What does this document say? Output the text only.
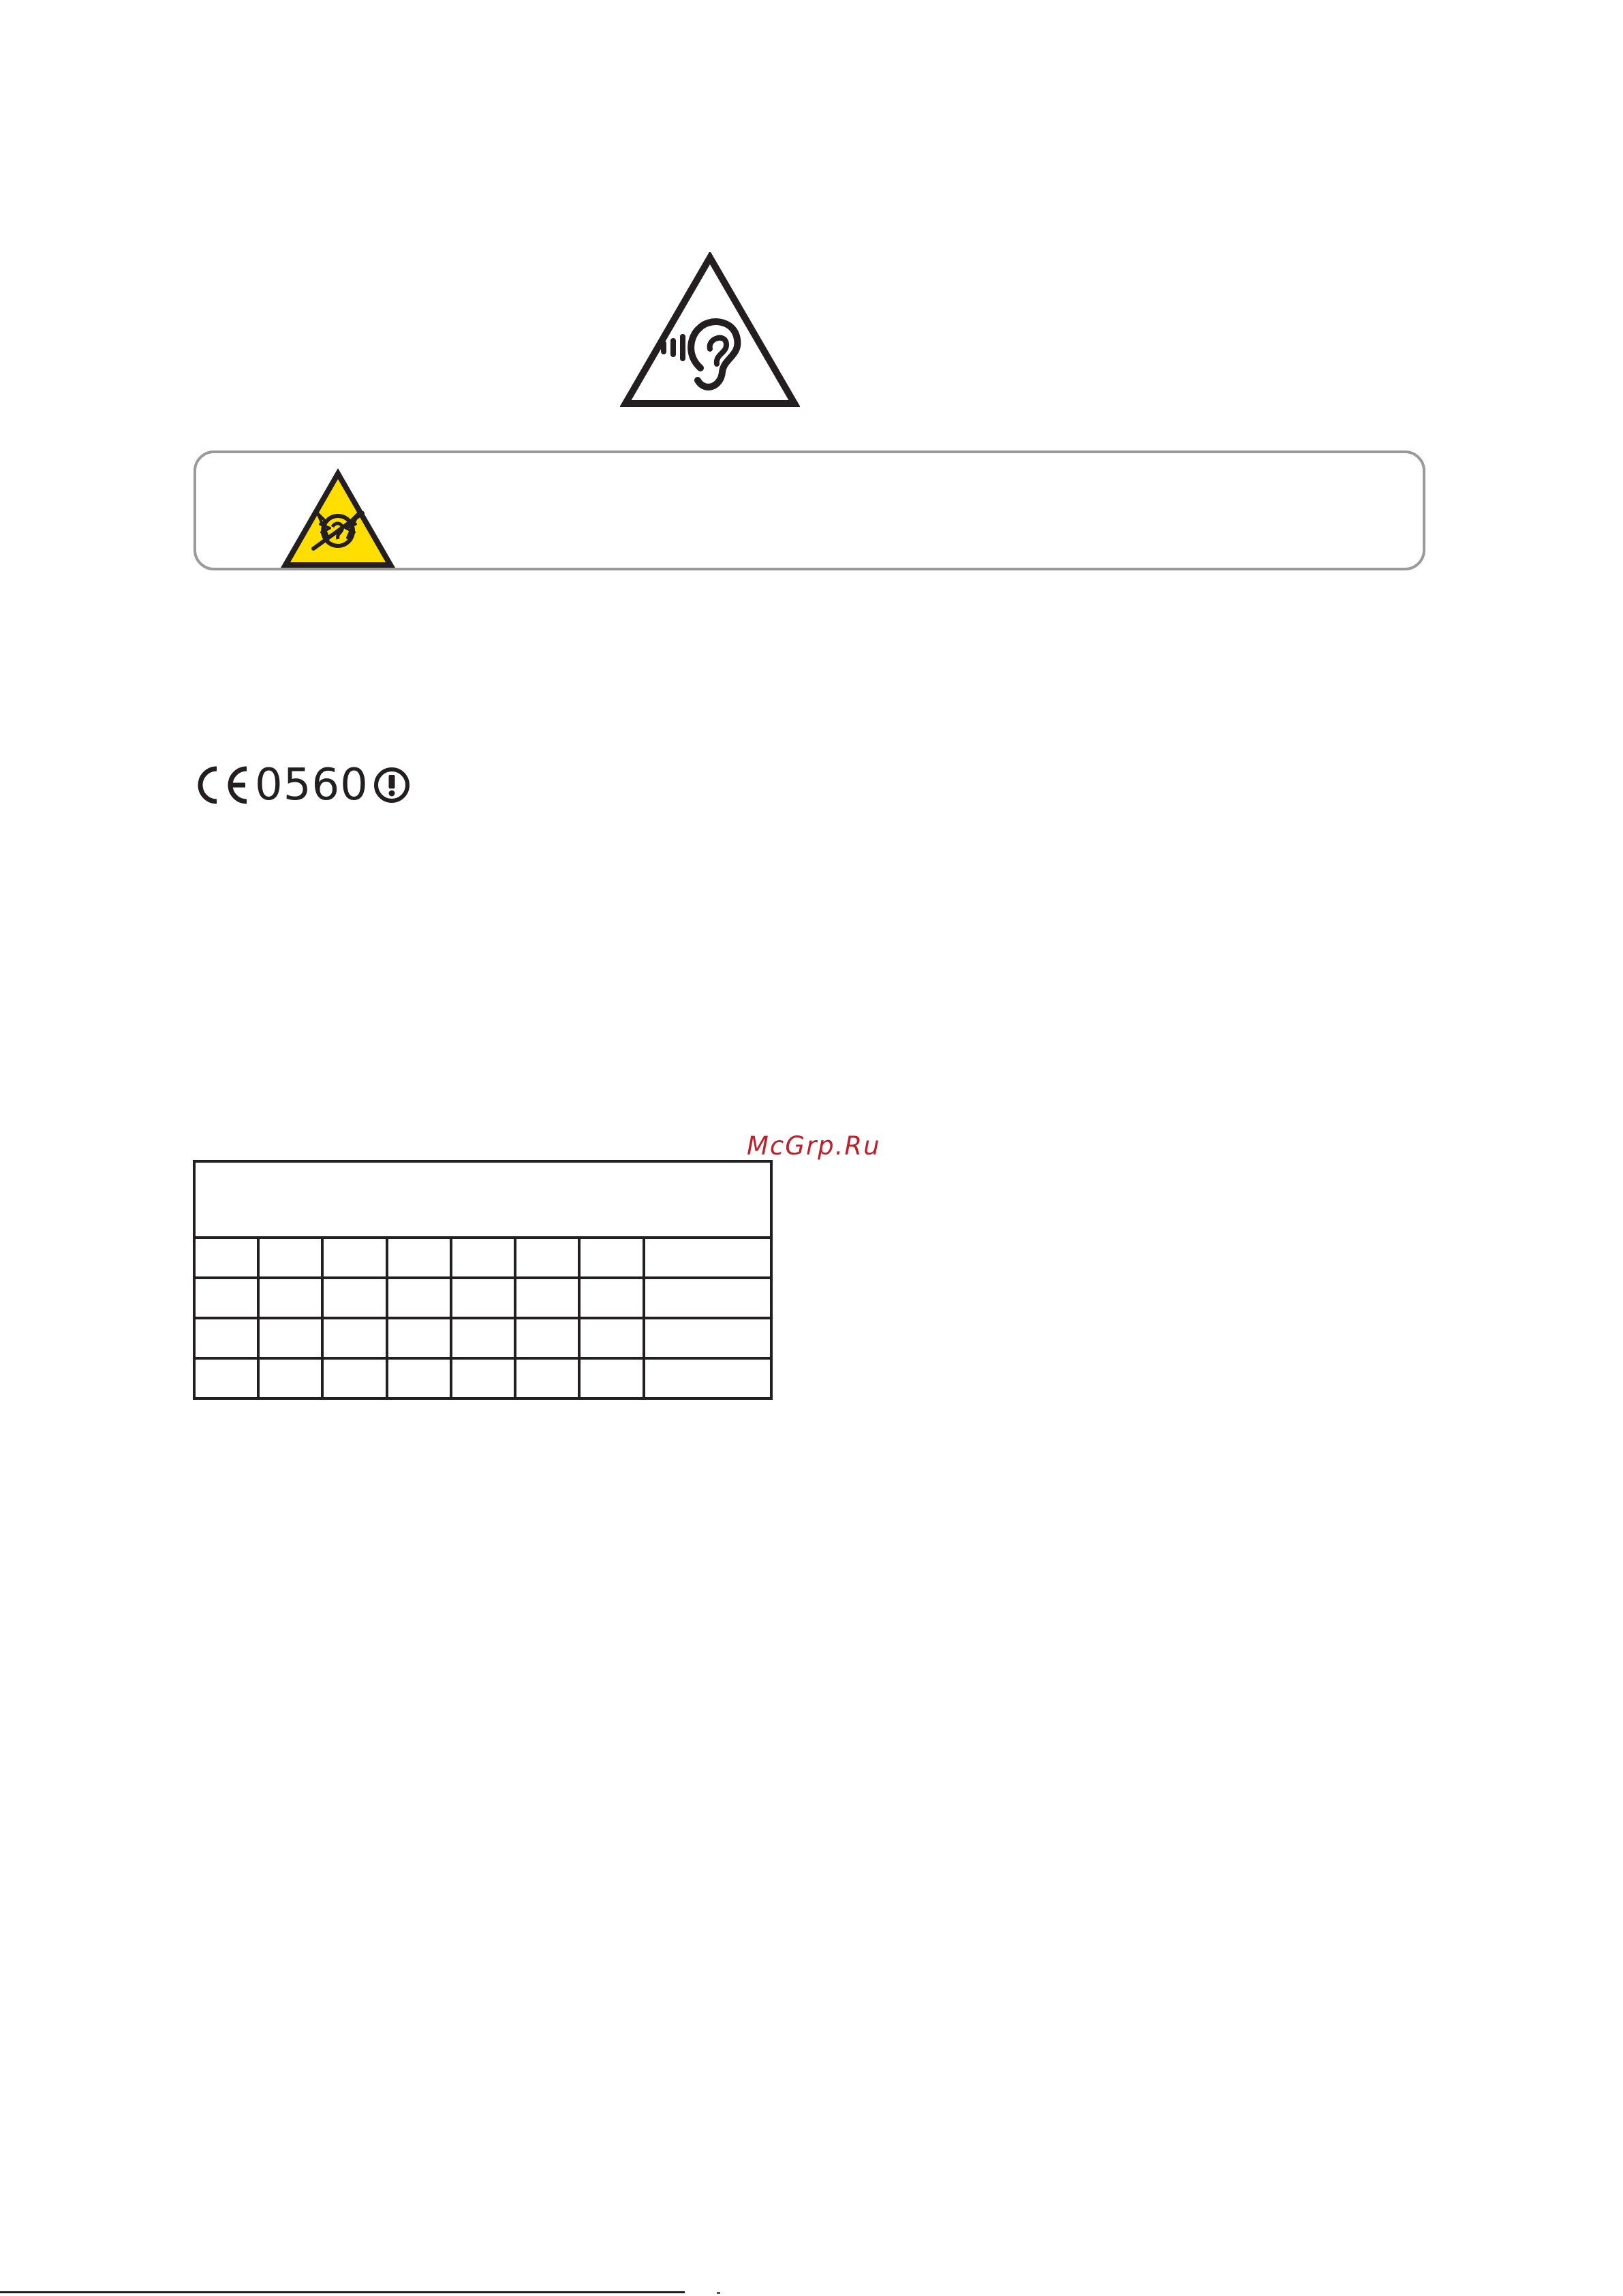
0560
McGrp.Ru
